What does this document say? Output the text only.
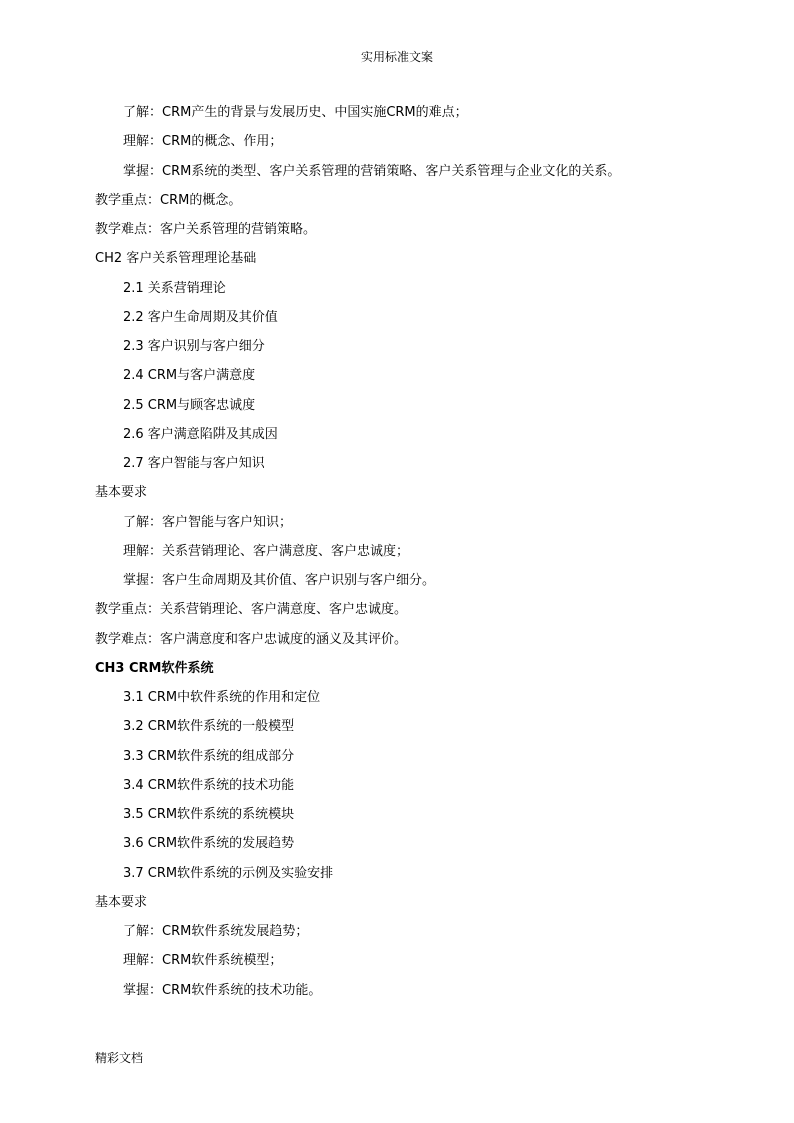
实用标准文案
了解：CRM产生的背景与发展历史、中国实施CRM的难点；
理解：CRM的概念、作用；
掌握：CRM系统的类型、客户关系管理的营销策略、客户关系管理与企业文化的关系。
教学重点：CRM的概念。
教学难点：客户关系管理的营销策略。
CH2 客户关系管理理论基础
2.1 关系营销理论
2.2 客户生命周期及其价值
2.3 客户识别与客户细分
2.4 CRM与客户满意度
2.5 CRM与顾客忠诚度
2.6 客户满意陷阱及其成因
2.7 客户智能与客户知识
基本要求
了解：客户智能与客户知识；
理解：关系营销理论、客户满意度、客户忠诚度；
掌握：客户生命周期及其价值、客户识别与客户细分。
教学重点：关系营销理论、客户满意度、客户忠诚度。
教学难点：客户满意度和客户忠诚度的涵义及其评价。
CH3 CRM软件系统
3.1 CRM中软件系统的作用和定位
3.2 CRM软件系统的一般模型
3.3 CRM软件系统的组成部分
3.4 CRM软件系统的技术功能
3.5 CRM软件系统的系统模块
3.6 CRM软件系统的发展趋势
3.7 CRM软件系统的示例及实验安排
基本要求
了解：CRM软件系统发展趋势；
理解：CRM软件系统模型；
掌握：CRM软件系统的技术功能。
精彩文档
